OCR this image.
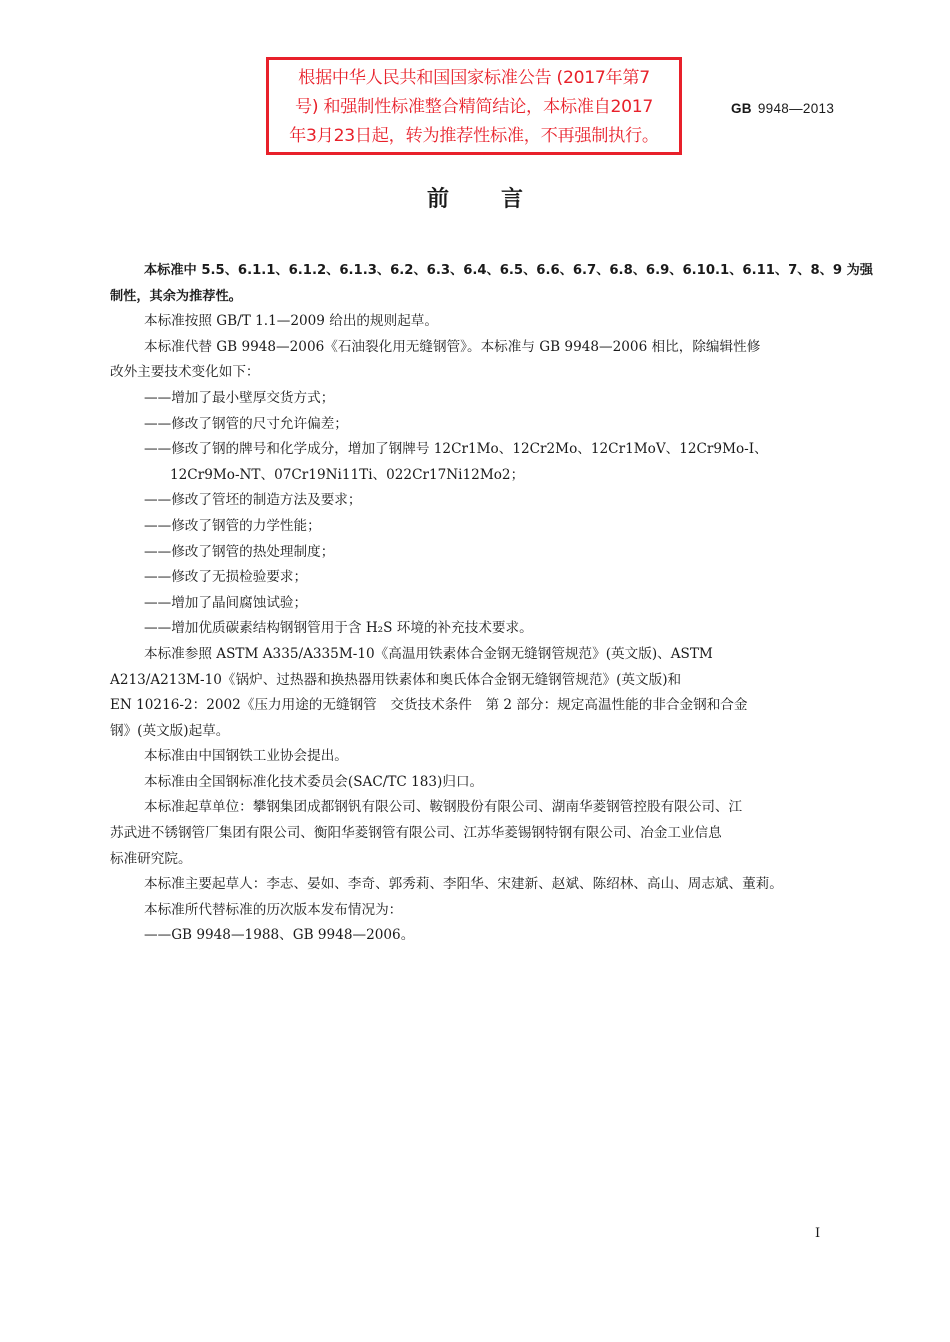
根据中华人民共和国国家标准公告 (2017年第7
号) 和强制性标准整合精简结论，本标准自2017
年3月23日起，转为推荐性标准，不再强制执行。
GB 9948—2013
前 言
本标准中 5.5、6.1.1、6.1.2、6.1.3、6.2、6.3、6.4、6.5、6.6、6.7、6.8、6.9、6.10.1、6.11、7、8、9 为强
制性，其余为推荐性。
本标准按照 GB/T 1.1—2009 给出的规则起草。
本标准代替 GB 9948—2006《石油裂化用无缝钢管》。本标准与 GB 9948—2006 相比，除编辑性修
改外主要技术变化如下：
——增加了最小壁厚交货方式；
——修改了钢管的尺寸允许偏差；
——修改了钢的牌号和化学成分，增加了钢牌号 12Cr1Mo、12Cr2Mo、12Cr1MoV、12Cr9Mo-I、
12Cr9Mo-NT、07Cr19Ni11Ti、022Cr17Ni12Mo2；
——修改了管坯的制造方法及要求；
——修改了钢管的力学性能；
——修改了钢管的热处理制度；
——修改了无损检验要求；
——增加了晶间腐蚀试验；
——增加优质碳素结构钢钢管用于含 H₂S 环境的补充技术要求。
本标准参照 ASTM A335/A335M-10《高温用铁素体合金钢无缝钢管规范》(英文版)、ASTM
A213/A213M-10《锅炉、过热器和换热器用铁素体和奥氏体合金钢无缝钢管规范》(英文版)和
EN 10216-2：2002《压力用途的无缝钢管　交货技术条件　第 2 部分：规定高温性能的非合金钢和合金
钢》(英文版)起草。
本标准由中国钢铁工业协会提出。
本标准由全国钢标准化技术委员会(SAC/TC 183)归口。
本标准起草单位：攀钢集团成都钢钒有限公司、鞍钢股份有限公司、湖南华菱钢管控股有限公司、江
苏武进不锈钢管厂集团有限公司、衡阳华菱钢管有限公司、江苏华菱锡钢特钢有限公司、冶金工业信息
标准研究院。
本标准主要起草人：李志、晏如、李奇、郭秀莉、李阳华、宋建新、赵斌、陈绍林、高山、周志斌、董莉。
本标准所代替标准的历次版本发布情况为：
——GB 9948—1988、GB 9948—2006。
I
